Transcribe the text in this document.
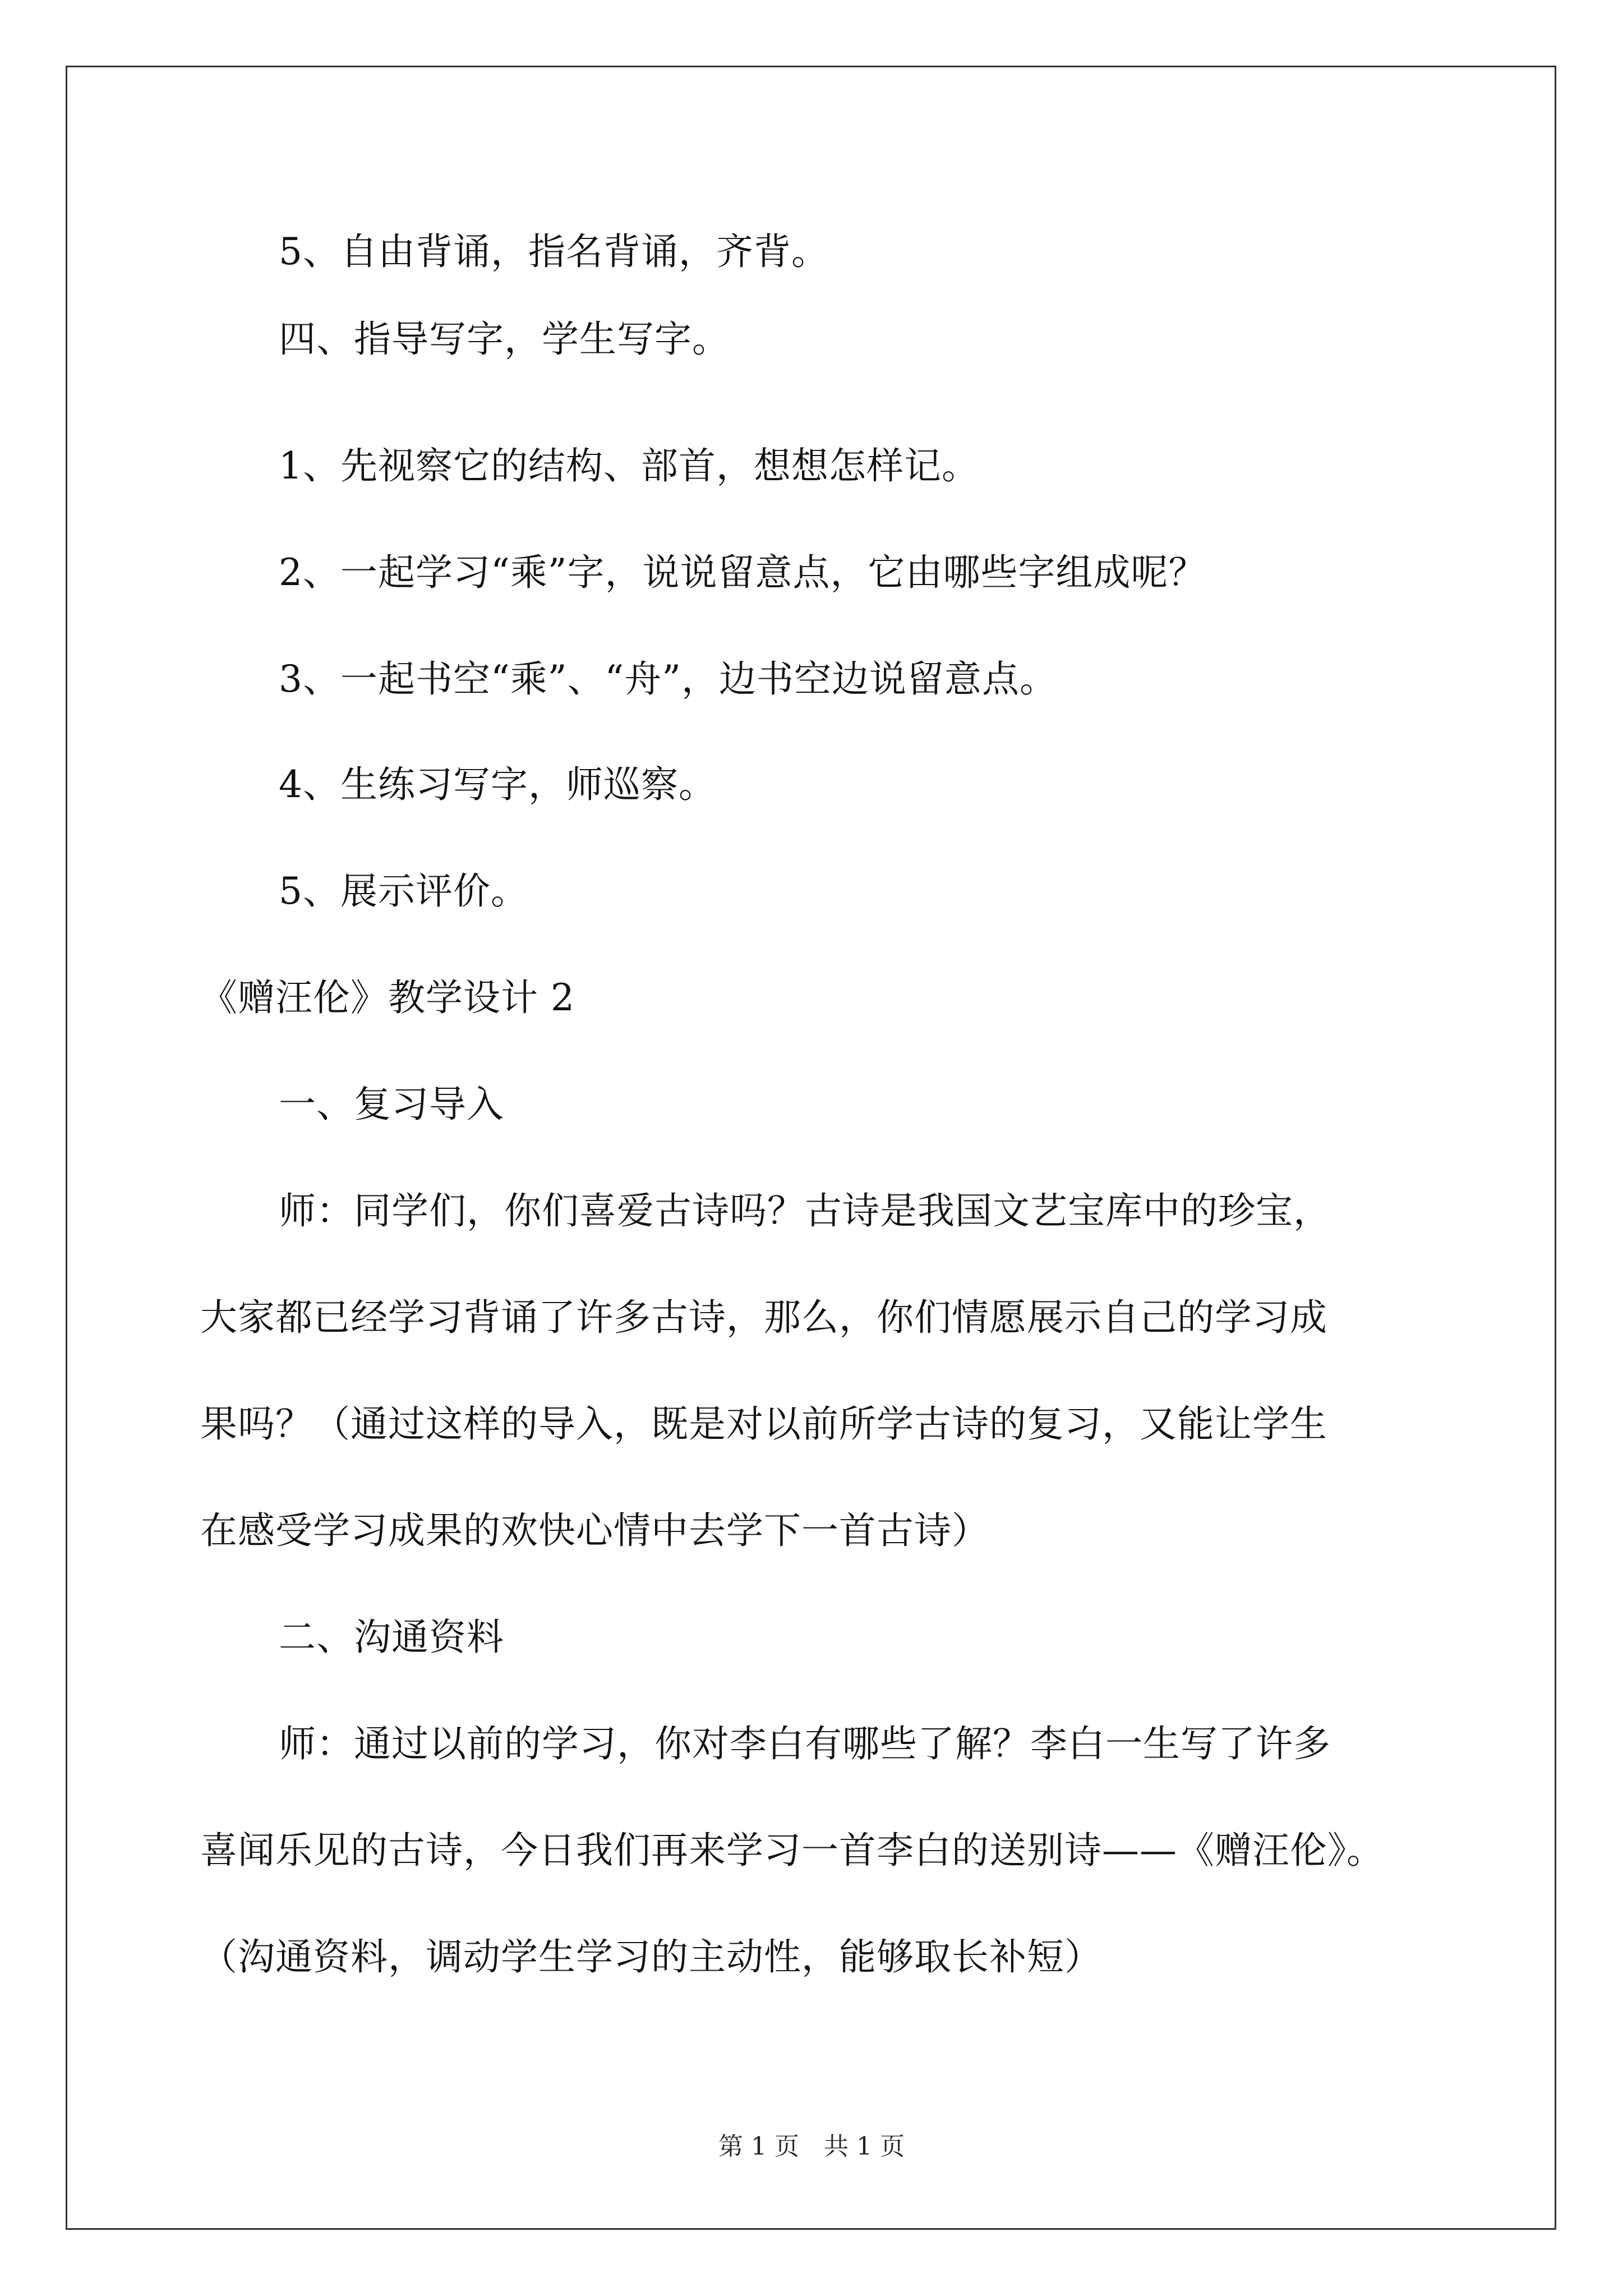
5、自由背诵，指名背诵，齐背。
四、指导写字，学生写字。
1、先视察它的结构、部首，想想怎样记。
2、一起学习“乘”字，说说留意点，它由哪些字组成呢？
3、一起书空“乘”、“舟”，边书空边说留意点。
4、生练习写字，师巡察。
5、展示评价。
《赠汪伦》教学设计 2
一、复习导入
师：同学们，你们喜爱古诗吗？古诗是我国文艺宝库中的珍宝，
大家都已经学习背诵了许多古诗，那么，你们情愿展示自己的学习成
果吗？（通过这样的导入，既是对以前所学古诗的复习，又能让学生
在感受学习成果的欢快心情中去学下一首古诗）
二、沟通资料
师：通过以前的学习，你对李白有哪些了解？李白一生写了许多
喜闻乐见的古诗，今日我们再来学习一首李白的送别诗——《赠汪伦》。
（沟通资料，调动学生学习的主动性，能够取长补短）
第 1 页　共 1 页
